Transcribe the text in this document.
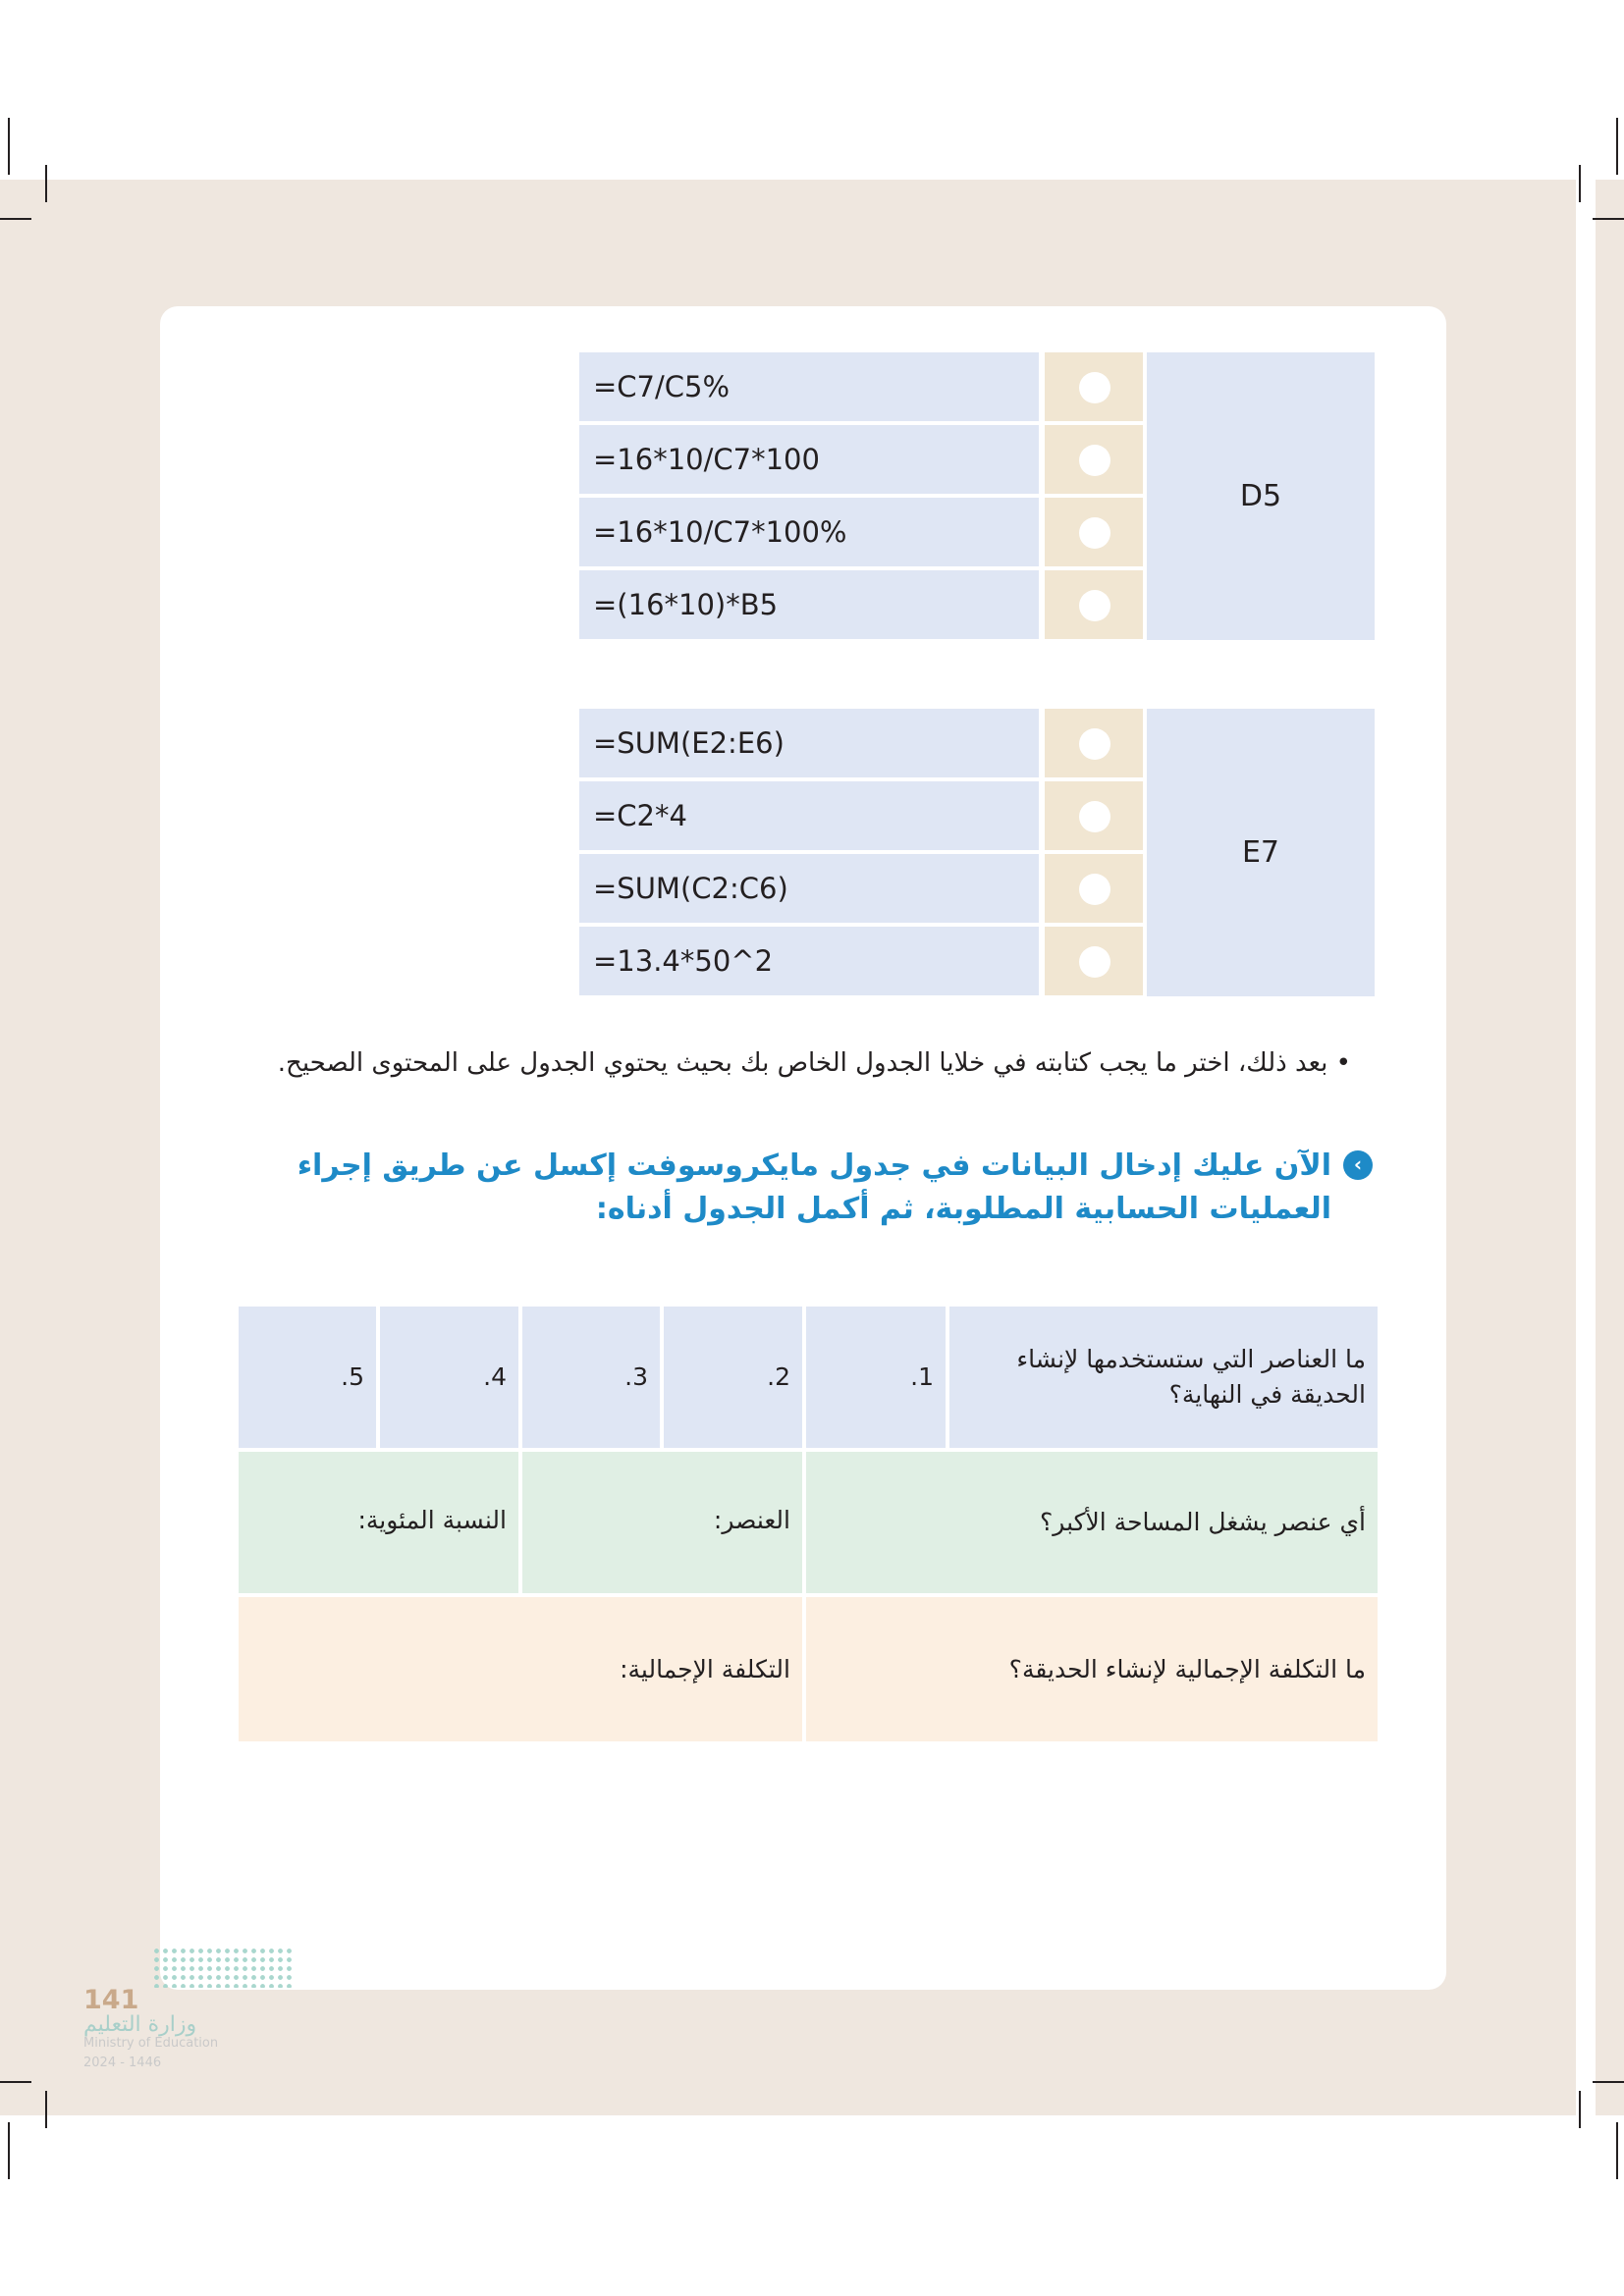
=C7/C5%
=16*10/C7*100
=16*10/C7*100%
=(16*10)*B5
D5
=SUM(E2:E6)
=C2*4
=SUM(C2:C6)
=13.4*50^2
E7
• بعد ذلك، اختر ما يجب كتابته في خلايا الجدول الخاص بك بحيث يحتوي الجدول على المحتوى الصحيح.
‹
الآن عليك إدخال البيانات في جدول مايكروسوفت إكسل عن طريق إجراء العمليات الحسابية المطلوبة، ثم أكمل الجدول أدناه:
ما العناصر التي ستستخدمها لإنشاء الحديقة في النهاية؟
1.
2.
3.
4.
5.
أي عنصر يشغل المساحة الأكبر؟
العنصر:
النسبة المئوية:
ما التكلفة الإجمالية لإنشاء الحديقة؟
التكلفة الإجمالية:
141
وزارة التعليم
Ministry of Education
2024 - 1446
